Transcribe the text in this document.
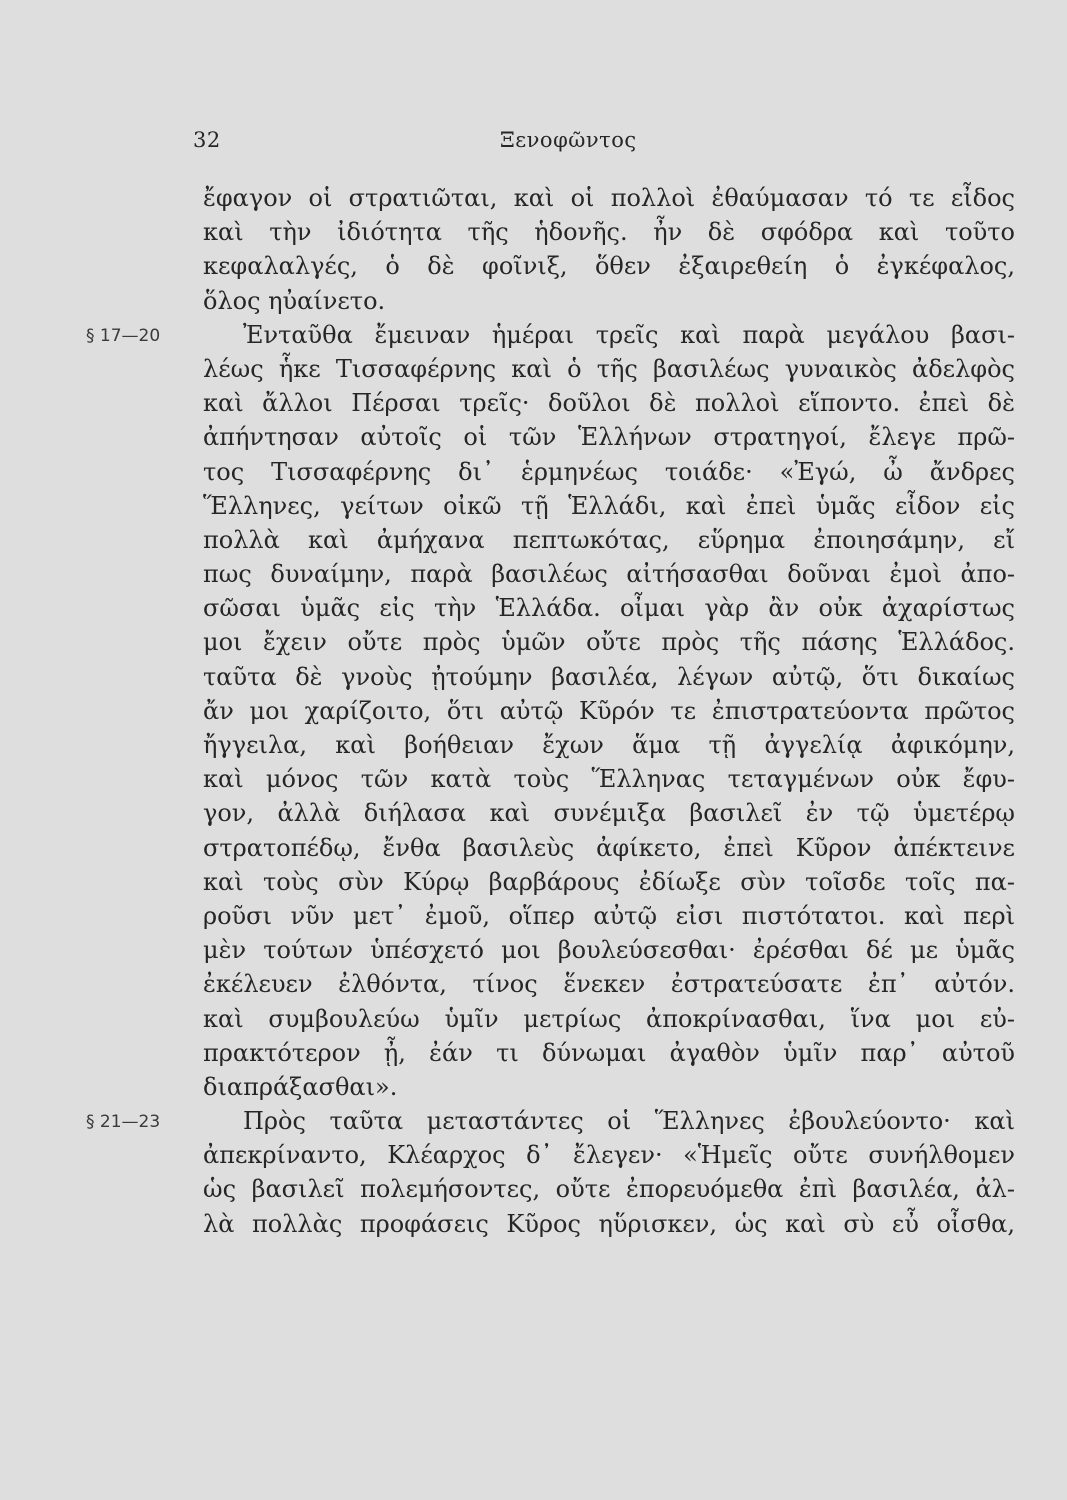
32	Ξενοφῶντος
ἔφαγον οἱ στρατιῶται, καὶ οἱ πολλοὶ ἐθαύμασαν τό τε εἶδος
καὶ τὴν ἰδιότητα τῆς ἡδονῆς. ἦν δὲ σφόδρα καὶ τοῦτο
κεφαλαλγές, ὁ δὲ φοῖνιξ, ὅθεν ἐξαιρεθείη ὁ ἐγκέφαλος,
ὅλος ηὐαίνετο.
§ 17—20	Ἐνταῦθα ἔμειναν ἡμέραι τρεῖς καὶ παρὰ μεγάλου βασι-
λέως ἧκε Τισσαφέρνης καὶ ὁ τῆς βασιλέως γυναικὸς ἀδελφὸς
καὶ ἄλλοι Πέρσαι τρεῖς· δοῦλοι δὲ πολλοὶ εἵποντο. ἐπεὶ δὲ
ἀπήντησαν αὐτοῖς οἱ τῶν Ἑλλήνων στρατηγοί, ἔλεγε πρῶ-
τος Τισσαφέρνης δι᾽ ἑρμηνέως τοιάδε· «Ἐγώ, ὦ ἄνδρες
Ἕλληνες, γείτων οἰκῶ τῇ Ἑλλάδι, καὶ ἐπεὶ ὑμᾶς εἶδον εἰς
πολλὰ καὶ ἀμήχανα πεπτωκότας, εὕρημα ἐποιησάμην, εἴ
πως δυναίμην, παρὰ βασιλέως αἰτήσασθαι δοῦναι ἐμοὶ ἀπο-
σῶσαι ὑμᾶς εἰς τὴν Ἑλλάδα. οἶμαι γὰρ ἂν οὐκ ἀχαρίστως
μοι ἔχειν οὔτε πρὸς ὑμῶν οὔτε πρὸς τῆς πάσης Ἑλλάδος.
ταῦτα δὲ γνοὺς ᾐτούμην βασιλέα, λέγων αὐτῷ, ὅτι δικαίως
ἄν μοι χαρίζοιτο, ὅτι αὐτῷ Κῦρόν τε ἐπιστρατεύοντα πρῶτος
ἤγγειλα, καὶ βοήθειαν ἔχων ἅμα τῇ ἀγγελίᾳ ἀφικόμην,
καὶ μόνος τῶν κατὰ τοὺς Ἕλληνας τεταγμένων οὐκ ἔφυ-
γον, ἀλλὰ διήλασα καὶ συνέμιξα βασιλεῖ ἐν τῷ ὑμετέρῳ
στρατοπέδῳ, ἔνθα βασιλεὺς ἀφίκετο, ἐπεὶ Κῦρον ἀπέκτεινε
καὶ τοὺς σὺν Κύρῳ βαρβάρους ἐδίωξε σὺν τοῖσδε τοῖς πα-
ροῦσι νῦν μετ᾽ ἐμοῦ, οἵπερ αὐτῷ εἰσι πιστότατοι. καὶ περὶ
μὲν τούτων ὑπέσχετό μοι βουλεύσεσθαι· ἐρέσθαι δέ με ὑμᾶς
ἐκέλευεν ἐλθόντα, τίνος ἕνεκεν ἐστρατεύσατε ἐπ᾽ αὐτόν.
καὶ συμβουλεύω ὑμῖν μετρίως ἀποκρίνασθαι, ἵνα μοι εὐ-
πρακτότερον ᾖ, ἐάν τι δύνωμαι ἀγαθὸν ὑμῖν παρ᾽ αὐτοῦ
διαπράξασθαι».
§ 21—23	Πρὸς ταῦτα μεταστάντες οἱ Ἕλληνες ἐβουλεύοντο· καὶ
ἀπεκρίναντο, Κλέαρχος δ᾽ ἔλεγεν· «Ἡμεῖς οὔτε συνήλθομεν
ὡς βασιλεῖ πολεμήσοντες, οὔτε ἐπορευόμεθα ἐπὶ βασιλέα, ἀλ-
λὰ πολλὰς προφάσεις Κῦρος ηὕρισκεν, ὡς καὶ σὺ εὖ οἶσθα,
